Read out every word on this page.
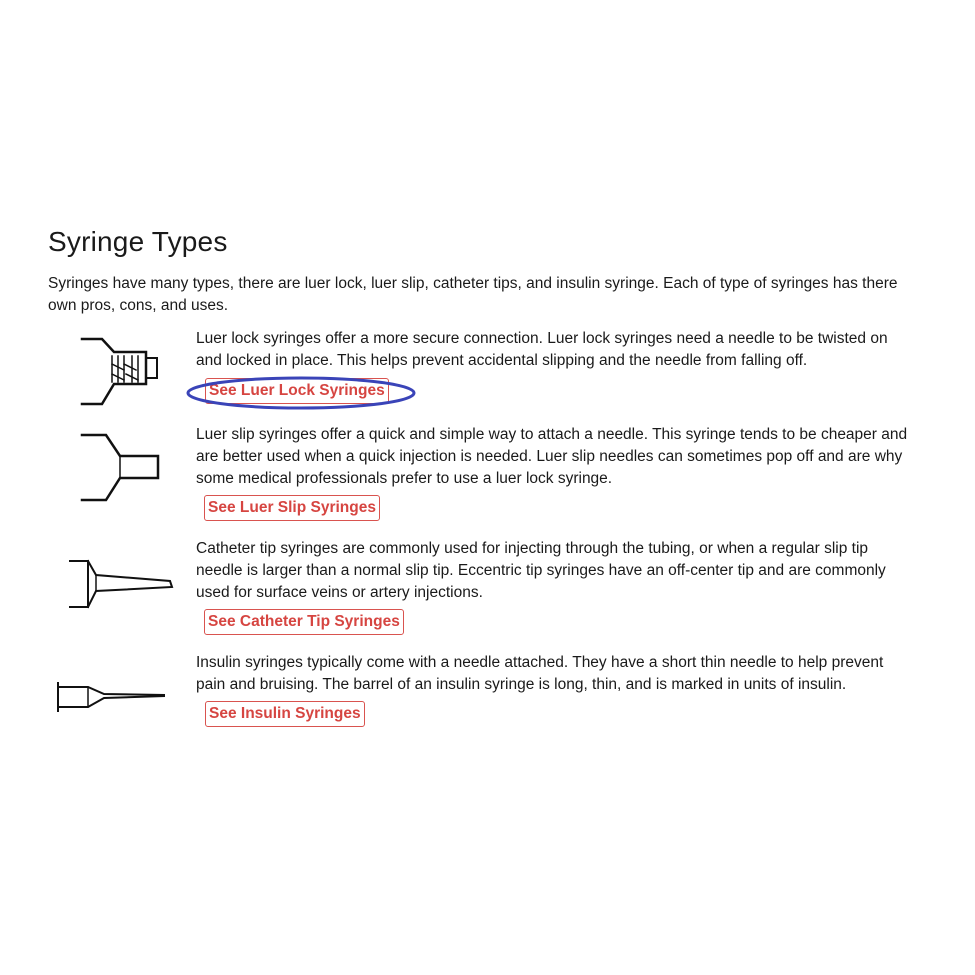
Syringe Types

Syringes have many types, there are luer lock, luer slip, catheter tips, and insulin syringe. Each of type of syringes has there own pros, cons, and uses.

Luer lock syringes offer a more secure connection. Luer lock syringes need a needle to be twisted on and locked in place. This helps prevent accidental slipping and the needle from falling off.

See Luer Lock Syringes

Luer slip syringes offer a quick and simple way to attach a needle. This syringe tends to be cheaper and are better used when a quick injection is needed. Luer slip needles can sometimes pop off and are why some medical professionals prefer to use a luer lock syringe.

See Luer Slip Syringes

Catheter tip syringes are commonly used for injecting through the tubing, or when a regular slip tip needle is larger than a normal slip tip. Eccentric tip syringes have an off-center tip and are commonly used for surface veins or artery injections.

See Catheter Tip Syringes

Insulin syringes typically come with a needle attached. They have a short thin needle to help prevent pain and bruising. The barrel of an insulin syringe is long, thin, and is marked in units of insulin.

See Insulin Syringes
